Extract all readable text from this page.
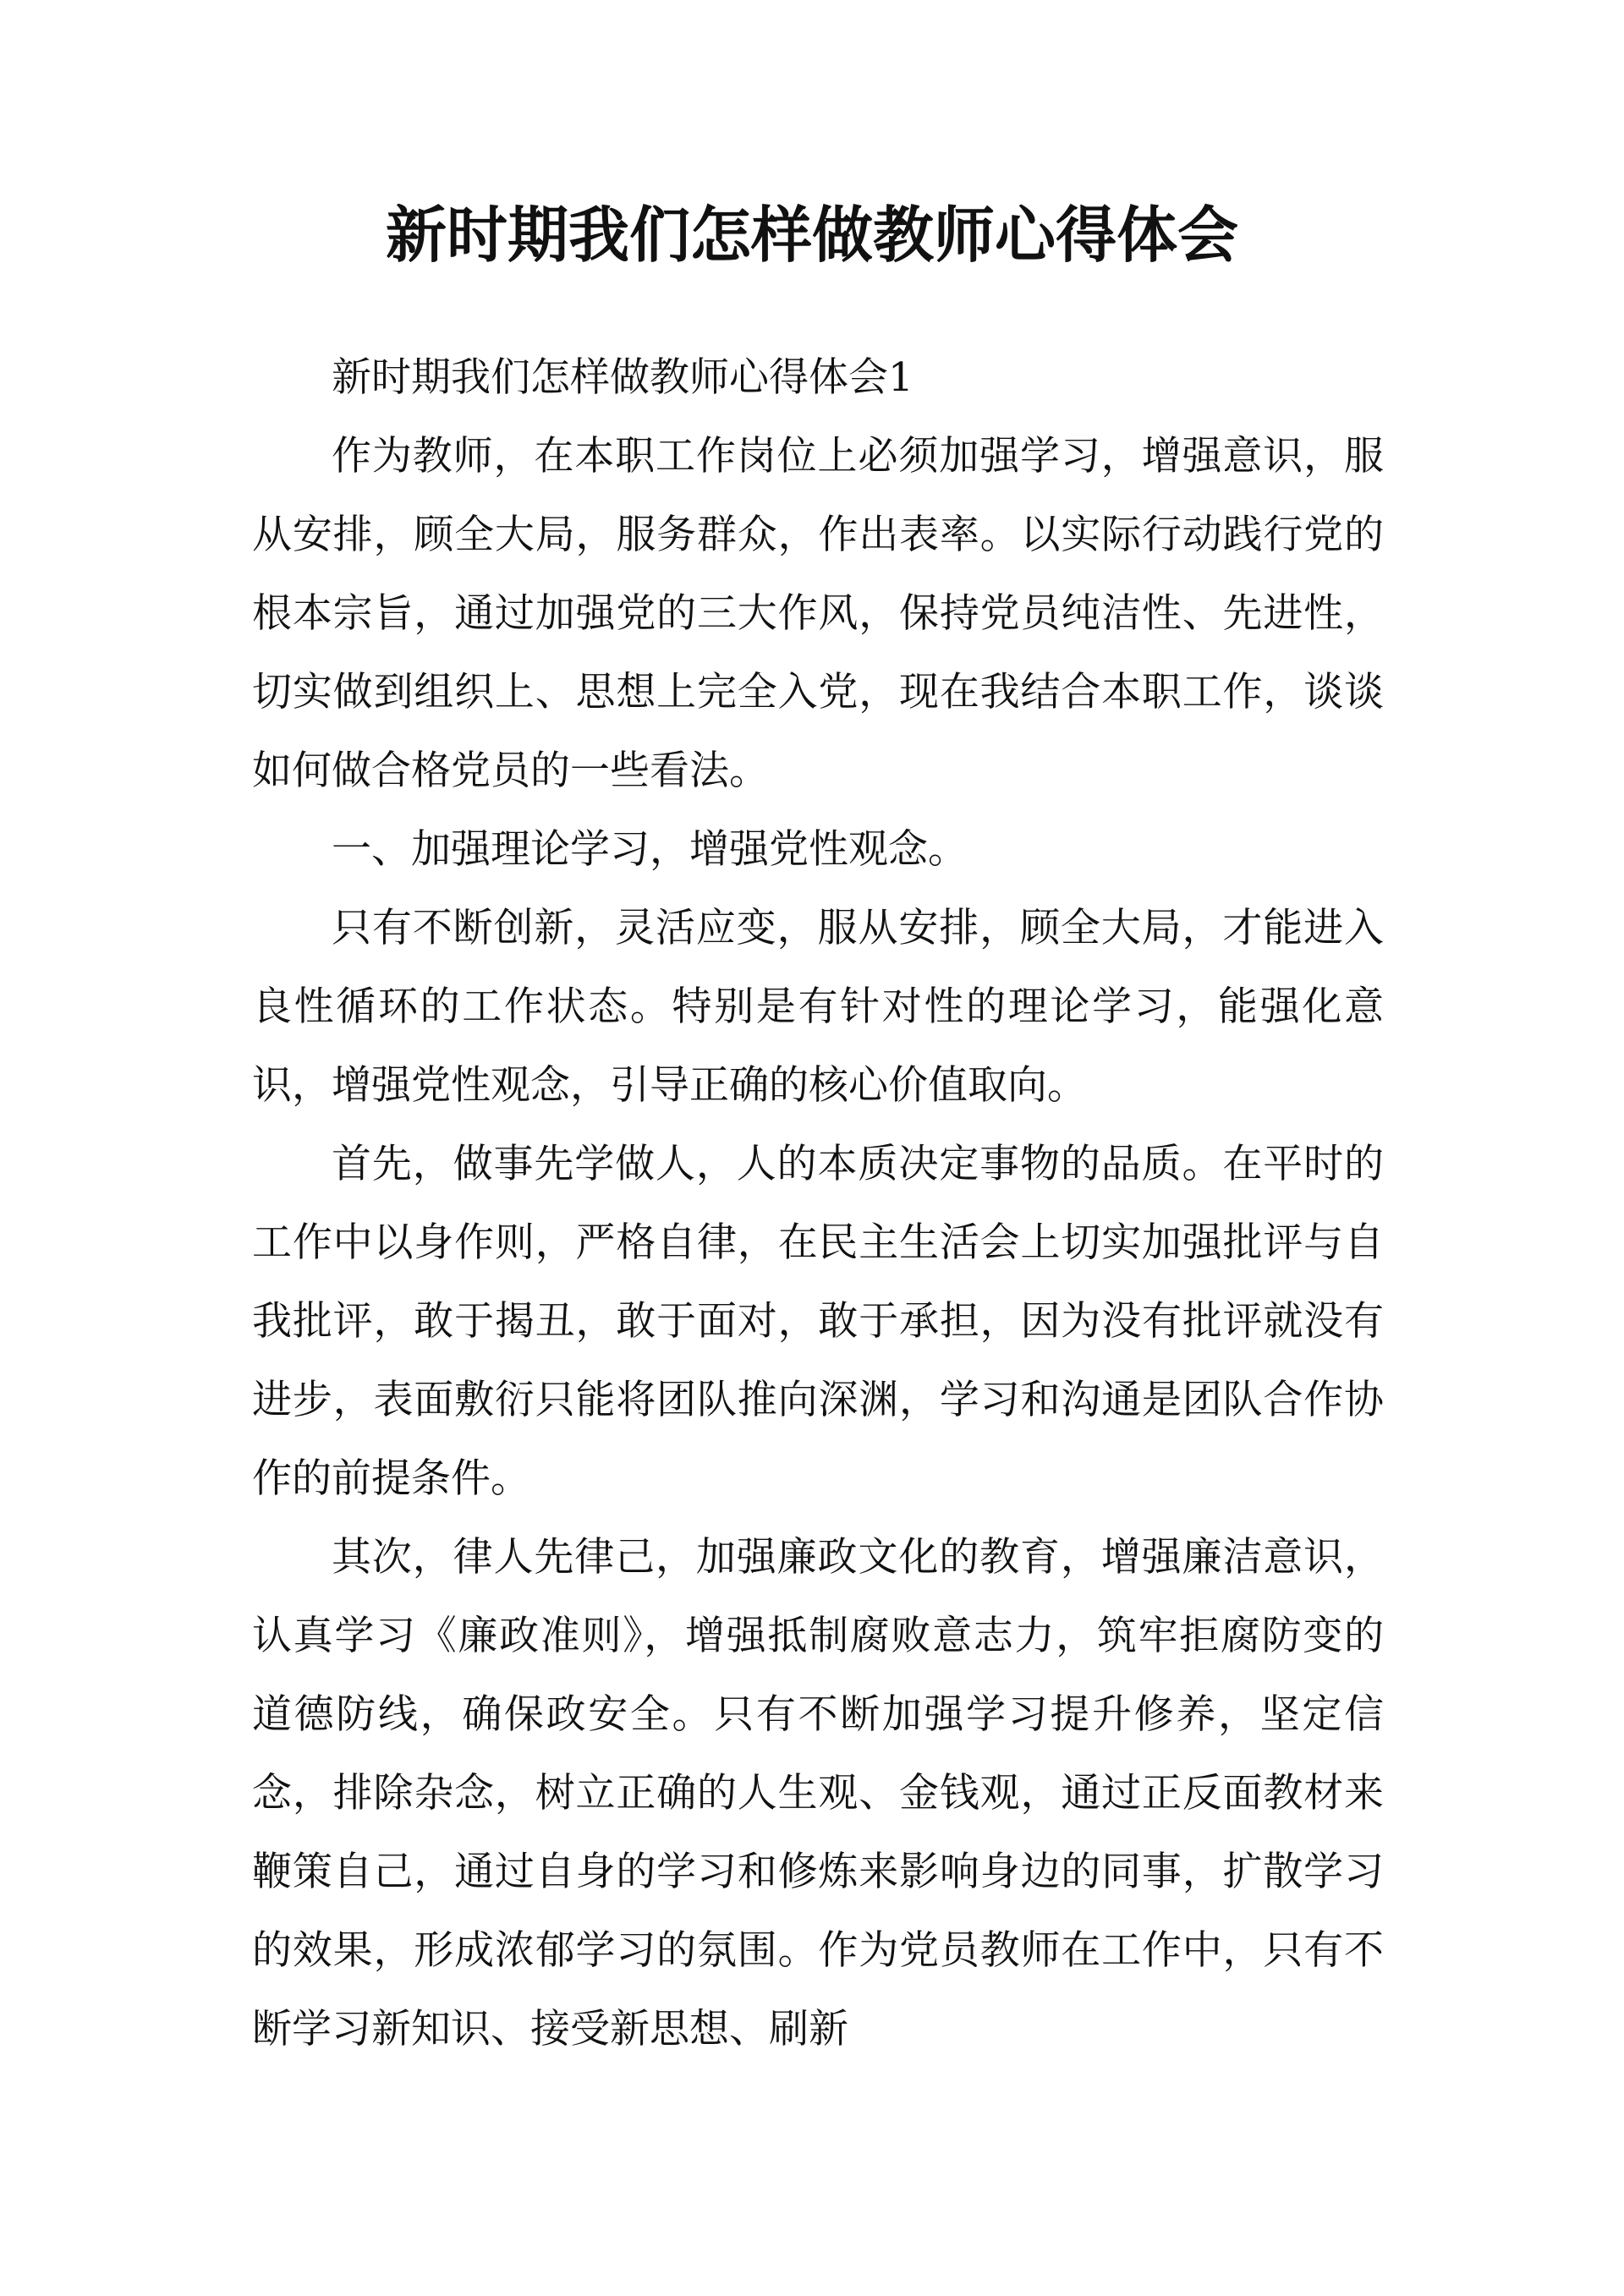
新时期我们怎样做教师心得体会

新时期我们怎样做教师心得体会1

作为教师，在本职工作岗位上必须加强学习，增强意识，服从安排，顾全大局，服务群众，作出表率。以实际行动践行党的根本宗旨，通过加强党的三大作风，保持党员纯洁性、先进性，切实做到组织上、思想上完全入党，现在我结合本职工作，谈谈如何做合格党员的一些看法。

一、加强理论学习，增强党性观念。

只有不断创新，灵活应变，服从安排，顾全大局，才能进入良性循环的工作状态。特别是有针对性的理论学习，能强化意识，增强党性观念，引导正确的核心价值取向。

首先，做事先学做人，人的本质决定事物的品质。在平时的工作中以身作则，严格自律，在民主生活会上切实加强批评与自我批评，敢于揭丑，敢于面对，敢于承担，因为没有批评就没有进步，表面敷衍只能将团队推向深渊，学习和沟通是团队合作协作的前提条件。

其次，律人先律己，加强廉政文化的教育，增强廉洁意识，认真学习《廉政准则》，增强抵制腐败意志力，筑牢拒腐防变的道德防线，确保政安全。只有不断加强学习提升修养，坚定信念，排除杂念，树立正确的人生观、金钱观，通过正反面教材来鞭策自己，通过自身的学习和修炼来影响身边的同事，扩散学习的效果，形成浓郁学习的氛围。作为党员教师在工作中，只有不断学习新知识、接受新思想、刷新
